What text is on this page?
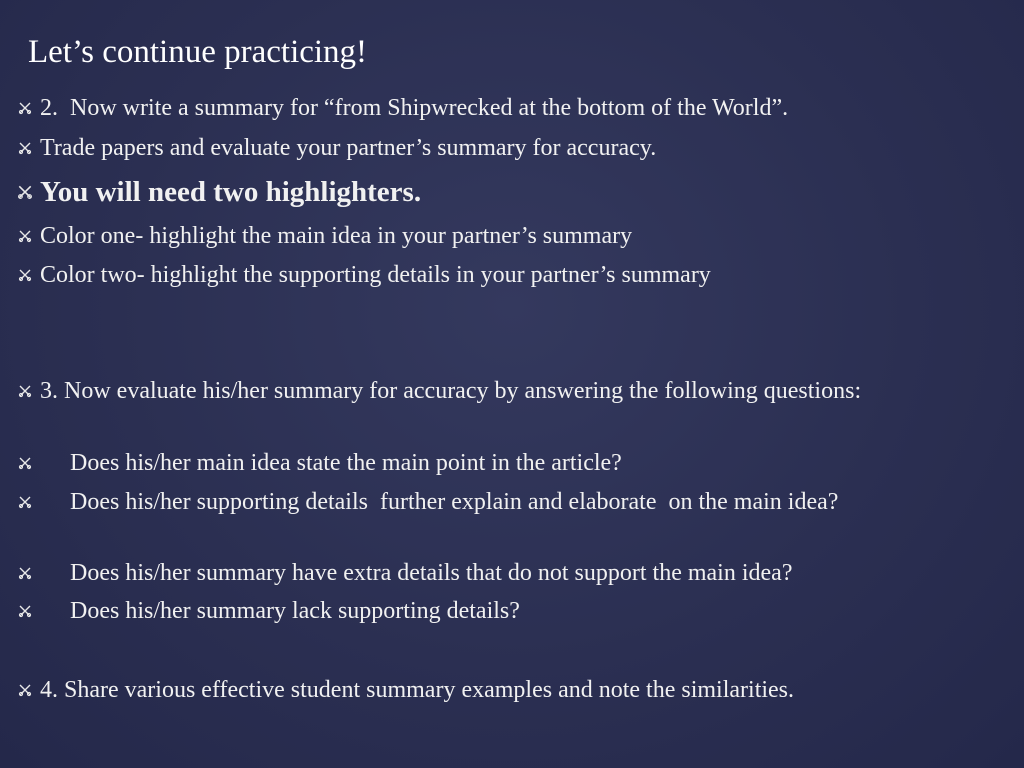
Let’s continue practicing!
2.  Now write a summary for “from Shipwrecked at the bottom of the World”.
Trade papers and evaluate your partner’s summary for accuracy.
You will need two highlighters.
Color one- highlight the main idea in your partner’s summary
Color two- highlight the supporting details in your partner’s summary
3. Now evaluate his/her summary for accuracy by answering the following questions:
Does his/her main idea state the main point in the article?
Does his/her supporting details  further explain and elaborate  on the main idea?
Does his/her summary have extra details that do not support the main idea?
Does his/her summary lack supporting details?
4. Share various effective student summary examples and note the similarities.
